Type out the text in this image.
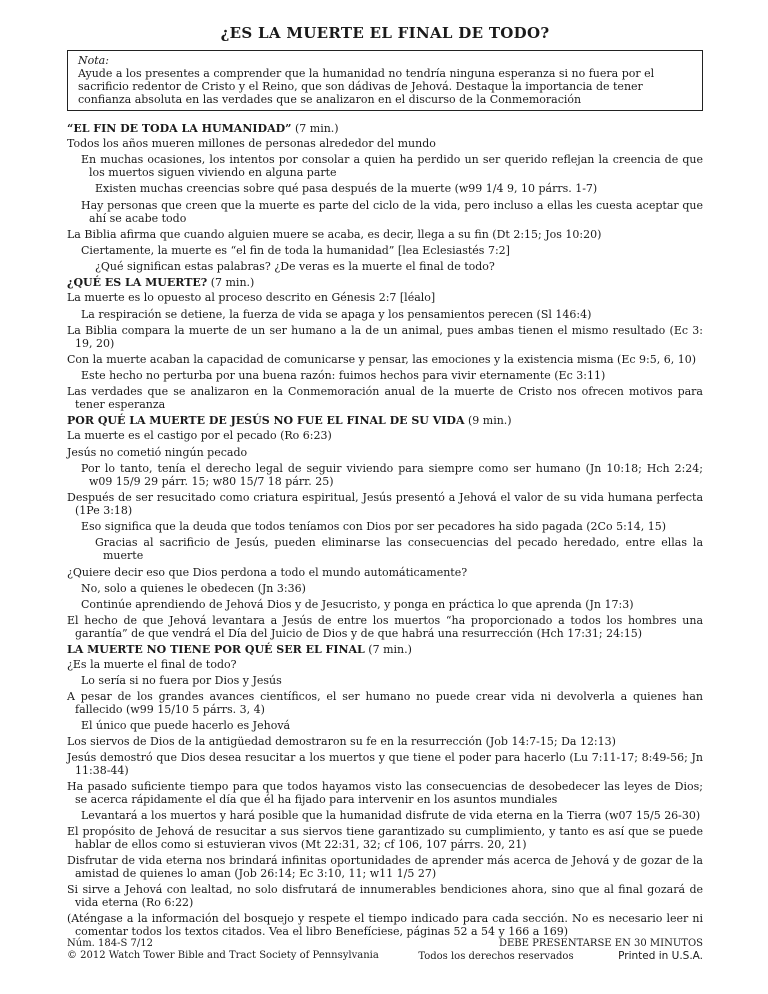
¿ES LA MUERTE EL FINAL DE TODO?
Nota:
Ayude a los presentes a comprender que la humanidad no tendría ninguna esperanza si no fuera por el sacrificio redentor de Cristo y el Reino, que son dádivas de Jehová. Destaque la importancia de tener confianza absoluta en las verdades que se analizaron en el discurso de la Conmemoración
“EL FIN DE TODA LA HUMANIDAD” (7 min.)
Todos los años mueren millones de personas alrededor del mundo
En muchas ocasiones, los intentos por consolar a quien ha perdido un ser querido reflejan la creencia de que los muertos siguen viviendo en alguna parte
Existen muchas creencias sobre qué pasa después de la muerte (w99 1/4 9, 10 párrs. 1-7)
Hay personas que creen que la muerte es parte del ciclo de la vida, pero incluso a ellas les cuesta aceptar que ahí se acabe todo
La Biblia afirma que cuando alguien muere se acaba, es decir, llega a su fin (Dt 2:15; Jos 10:20)
Ciertamente, la muerte es “el fin de toda la humanidad” [lea Eclesiastés 7:2]
¿Qué significan estas palabras? ¿De veras es la muerte el final de todo?
¿QUÉ ES LA MUERTE? (7 min.)
La muerte es lo opuesto al proceso descrito en Génesis 2:7 [léalo]
La respiración se detiene, la fuerza de vida se apaga y los pensamientos perecen (Sl 146:4)
La Biblia compara la muerte de un ser humano a la de un animal, pues ambas tienen el mismo resultado (Ec 3: 19, 20)
Con la muerte acaban la capacidad de comunicarse y pensar, las emociones y la existencia misma (Ec 9:5, 6, 10)
Este hecho no perturba por una buena razón: fuimos hechos para vivir eternamente (Ec 3:11)
Las verdades que se analizaron en la Conmemoración anual de la muerte de Cristo nos ofrecen motivos para tener esperanza
POR QUÉ LA MUERTE DE JESÚS NO FUE EL FINAL DE SU VIDA (9 min.)
La muerte es el castigo por el pecado (Ro 6:23)
Jesús no cometió ningún pecado
Por lo tanto, tenía el derecho legal de seguir viviendo para siempre como ser humano (Jn 10:18; Hch 2:24; w09 15/9 29 párr. 15; w80 15/7 18 párr. 25)
Después de ser resucitado como criatura espiritual, Jesús presentó a Jehová el valor de su vida humana perfecta (1Pe 3:18)
Eso significa que la deuda que todos teníamos con Dios por ser pecadores ha sido pagada (2Co 5:14, 15)
Gracias al sacrificio de Jesús, pueden eliminarse las consecuencias del pecado heredado, entre ellas la muerte
¿Quiere decir eso que Dios perdona a todo el mundo automáticamente?
No, solo a quienes le obedecen (Jn 3:36)
Continúe aprendiendo de Jehová Dios y de Jesucristo, y ponga en práctica lo que aprenda (Jn 17:3)
El hecho de que Jehová levantara a Jesús de entre los muertos “ha proporcionado a todos los hombres una garantía” de que vendrá el Día del Juicio de Dios y de que habrá una resurrección (Hch 17:31; 24:15)
LA MUERTE NO TIENE POR QUÉ SER EL FINAL (7 min.)
¿Es la muerte el final de todo?
Lo sería si no fuera por Dios y Jesús
A pesar de los grandes avances científicos, el ser humano no puede crear vida ni devolverla a quienes han fallecido (w99 15/10 5 párrs. 3, 4)
El único que puede hacerlo es Jehová
Los siervos de Dios de la antigüedad demostraron su fe en la resurrección (Job 14:7-15; Da 12:13)
Jesús demostró que Dios desea resucitar a los muertos y que tiene el poder para hacerlo (Lu 7:11-17; 8:49-56; Jn 11:38-44)
Ha pasado suficiente tiempo para que todos hayamos visto las consecuencias de desobedecer las leyes de Dios; se acerca rápidamente el día que él ha fijado para intervenir en los asuntos mundiales
Levantará a los muertos y hará posible que la humanidad disfrute de vida eterna en la Tierra (w07 15/5 26-30)
El propósito de Jehová de resucitar a sus siervos tiene garantizado su cumplimiento, y tanto es así que se puede hablar de ellos como si estuvieran vivos (Mt 22:31, 32; cf 106, 107 párrs. 20, 21)
Disfrutar de vida eterna nos brindará infinitas oportunidades de aprender más acerca de Jehová y de gozar de la amistad de quienes lo aman (Job 26:14; Ec 3:10, 11; w11 1/5 27)
Si sirve a Jehová con lealtad, no solo disfrutará de innumerables bendiciones ahora, sino que al final gozará de vida eterna (Ro 6:22)
(Aténgase a la información del bosquejo y respete el tiempo indicado para cada sección. No es necesario leer ni comentar todos los textos citados. Vea el libro Benefíciese, páginas 52 a 54 y 166 a 169)
Núm. 184-S 7/12
© 2012 Watch Tower Bible and Tract Society of Pennsylvania
DEBE PRESENTARSE EN 30 MINUTOS
Todos los derechos reservados	Printed in U.S.A.
